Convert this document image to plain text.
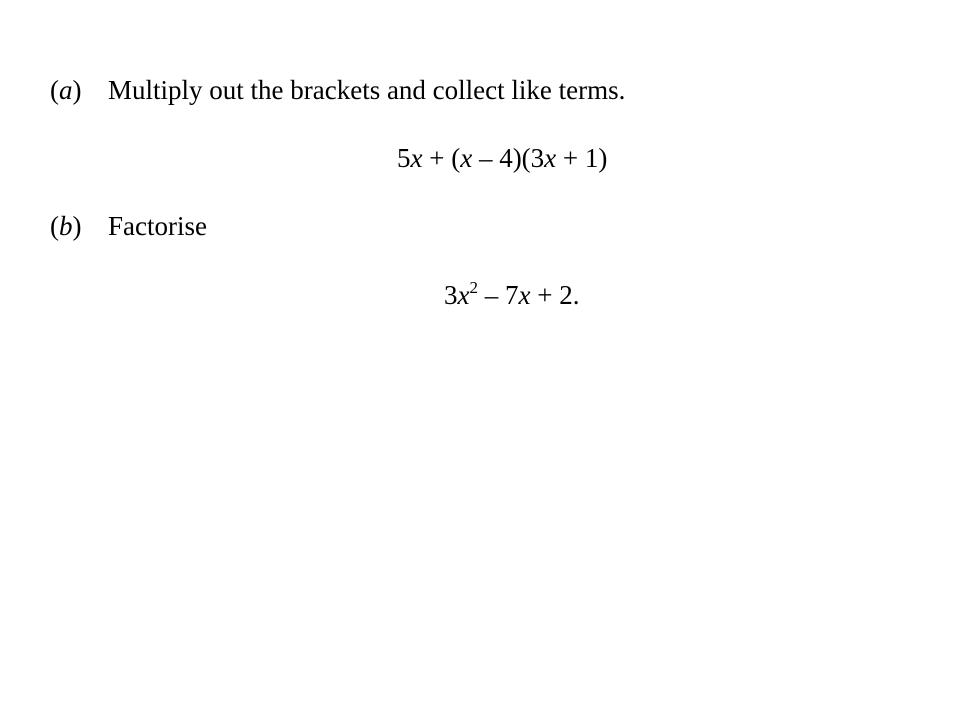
(a) Multiply out the brackets and collect like terms.
5x + (x – 4)(3x + 1)
(b) Factorise
$3x^2 - 7x + 2$.
